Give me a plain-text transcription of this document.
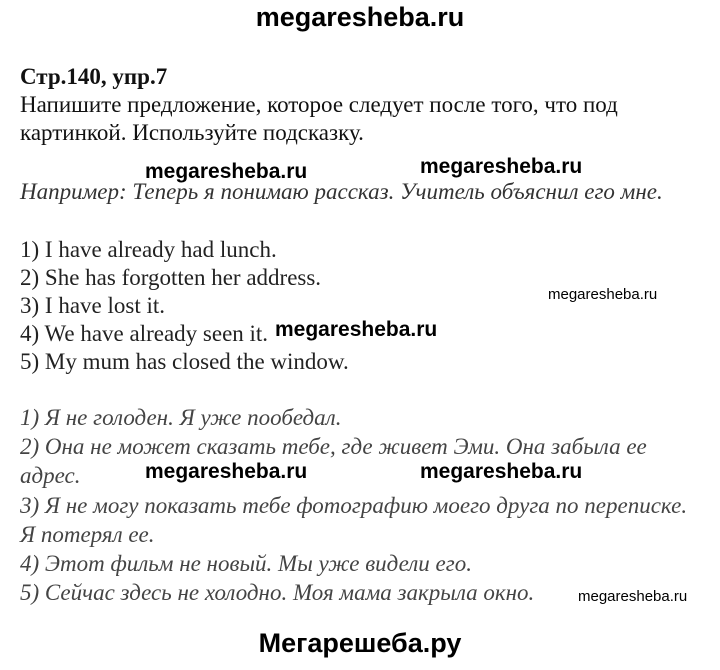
megaresheba.ru
megaresheba.ru	megaresheba.ru
megaresheba.ru
megaresheba.ru
megaresheba.ru	megaresheba.ru
megaresheba.ru
Стр.140, упр.7
Напишите предложение, которое следует после того, что под
картинкой. Используйте подсказку.
Например: Теперь я понимаю рассказ. Учитель объяснил его мне.
1) I have already had lunch.
2) She has forgotten her address.
3) I have lost it.
4) We have already seen it.
5) My mum has closed the window.
1) Я не голоден. Я уже пообедал.
2) Она не может сказать тебе, где живет Эми. Она забыла ее
адрес.
3) Я не могу показать тебе фотографию моего друга по переписке.
Я потерял ее.
4) Этот фильм не новый. Мы уже видели его.
5) Сейчас здесь не холодно. Моя мама закрыла окно.
Мегарешеба.ру
